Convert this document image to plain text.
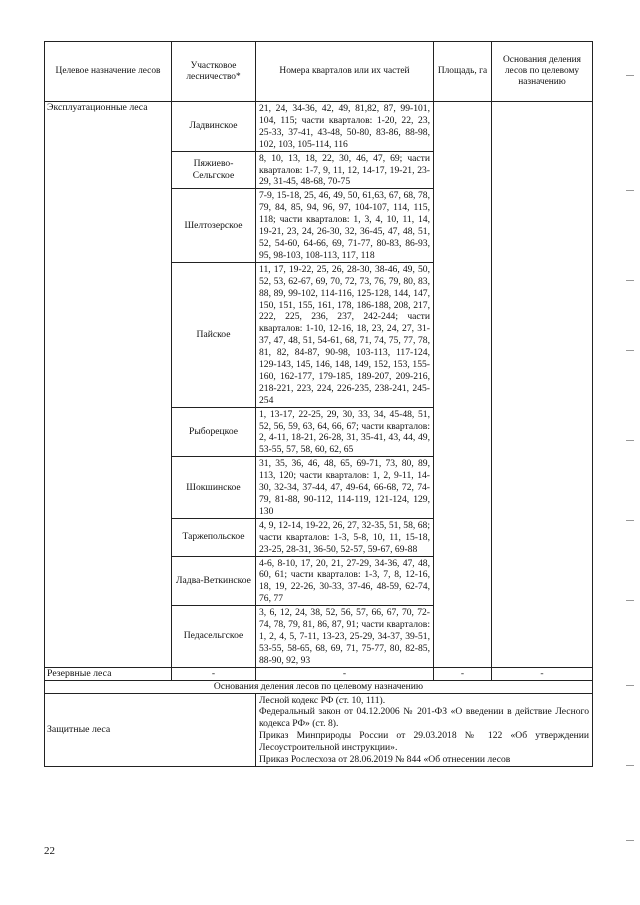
Целевое назначение лесов	Участковое лесничество*	Номера кварталов или их частей	Площадь, га	Основания деления лесов по целевому назначению
Эксплуатационные леса	Ладвинское	21, 24, 34-36, 42, 49, 81,82, 87, 99-101, 104, 115; части кварталов: 1-20, 22, 23, 25-33, 37-41, 43-48, 50-80, 83-86, 88-98, 102, 103, 105-114, 116		
	Пяжиево-Сельгское	8, 10, 13, 18, 22, 30, 46, 47, 69; части кварталов: 1-7, 9, 11, 12, 14-17, 19-21, 23-29, 31-45, 48-68, 70-75		
	Шелтозерское	7-9, 15-18, 25, 46, 49, 50, 61,63, 67, 68, 78, 79, 84, 85, 94, 96, 97, 104-107, 114, 115, 118; части кварталов: 1, 3, 4, 10, 11, 14, 19-21, 23, 24, 26-30, 32, 36-45, 47, 48, 51, 52, 54-60, 64-66, 69, 71-77, 80-83, 86-93, 95, 98-103, 108-113, 117, 118		
	Пайское	11, 17, 19-22, 25, 26, 28-30, 38-46, 49, 50, 52, 53, 62-67, 69, 70, 72, 73, 76, 79, 80, 83, 88, 89, 99-102, 114-116, 125-128, 144, 147, 150, 151, 155, 161, 178, 186-188, 208, 217, 222, 225, 236, 237, 242-244; части кварталов: 1-10, 12-16, 18, 23, 24, 27, 31-37, 47, 48, 51, 54-61, 68, 71, 74, 75, 77, 78, 81, 82, 84-87, 90-98, 103-113, 117-124, 129-143, 145, 146, 148, 149, 152, 153, 155-160, 162-177, 179-185, 189-207, 209-216, 218-221, 223, 224, 226-235, 238-241, 245-254		
	Рыборецкое	1, 13-17, 22-25, 29, 30, 33, 34, 45-48, 51, 52, 56, 59, 63, 64, 66, 67; части кварталов: 2, 4-11, 18-21, 26-28, 31, 35-41, 43, 44, 49, 53-55, 57, 58, 60, 62, 65		
	Шокшинское	31, 35, 36, 46, 48, 65, 69-71, 73, 80, 89, 113, 120; части кварталов: 1, 2, 9-11, 14-30, 32-34, 37-44, 47, 49-64, 66-68, 72, 74-79, 81-88, 90-112, 114-119, 121-124, 129, 130		
	Таржепольское	4, 9, 12-14, 19-22, 26, 27, 32-35, 51, 58, 68; части кварталов: 1-3, 5-8, 10, 11, 15-18, 23-25, 28-31, 36-50, 52-57, 59-67, 69-88		
	Ладва-Веткинское	4-6, 8-10, 17, 20, 21, 27-29, 34-36, 47, 48, 60, 61; части кварталов: 1-3, 7, 8, 12-16, 18, 19, 22-26, 30-33, 37-46, 48-59, 62-74, 76, 77		
	Педасельгское	3, 6, 12, 24, 38, 52, 56, 57, 66, 67, 70, 72-74, 78, 79, 81, 86, 87, 91; части кварталов: 1, 2, 4, 5, 7-11, 13-23, 25-29, 34-37, 39-51, 53-55, 58-65, 68, 69, 71, 75-77, 80, 82-85, 88-90, 92, 93		
Резервные леса	-	-	-	-
Основания деления лесов по целевому назначению				
Защитные леса		Лесной кодекс РФ (ст. 10, 111).
Федеральный закон от 04.12.2006 № 201-ФЗ «О введении в действие Лесного кодекса РФ» (ст. 8).
Приказ Минприроды России от 29.03.2018 № 122 «Об утверждении Лесоустроительной инструкции».
Приказ Рослесхоза от 28.06.2019 № 844 «Об отнесении лесов		
22
